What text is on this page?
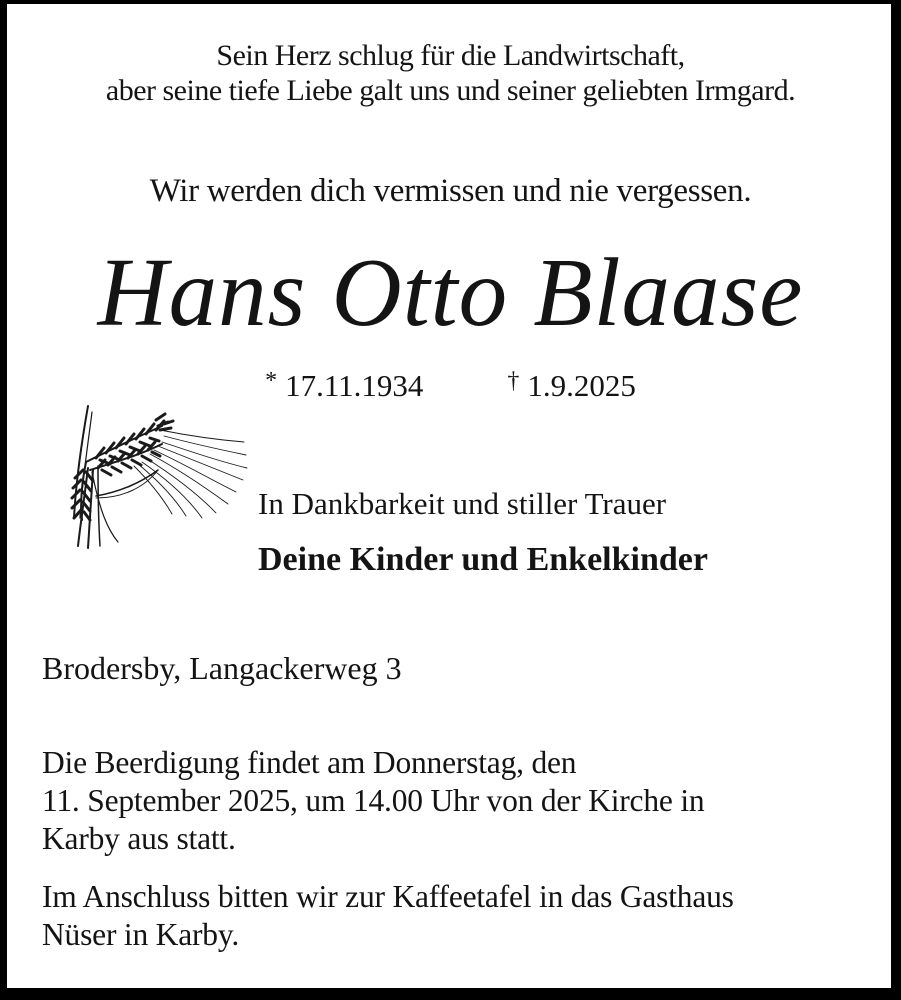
Sein Herz schlug für die Landwirtschaft,
aber seine tiefe Liebe galt uns und seiner geliebten Irmgard.
Wir werden dich vermissen und nie vergessen.
Hans Otto Blaase
* 17.11.1934	† 1.9.2025
In Dankbarkeit und stiller Trauer
Deine Kinder und Enkelkinder
Brodersby, Langackerweg 3
Die Beerdigung findet am Donnerstag, den
11. September 2025, um 14.00 Uhr von der Kirche in
Karby aus statt.
Im Anschluss bitten wir zur Kaffeetafel in das Gasthaus
Nüser in Karby.
